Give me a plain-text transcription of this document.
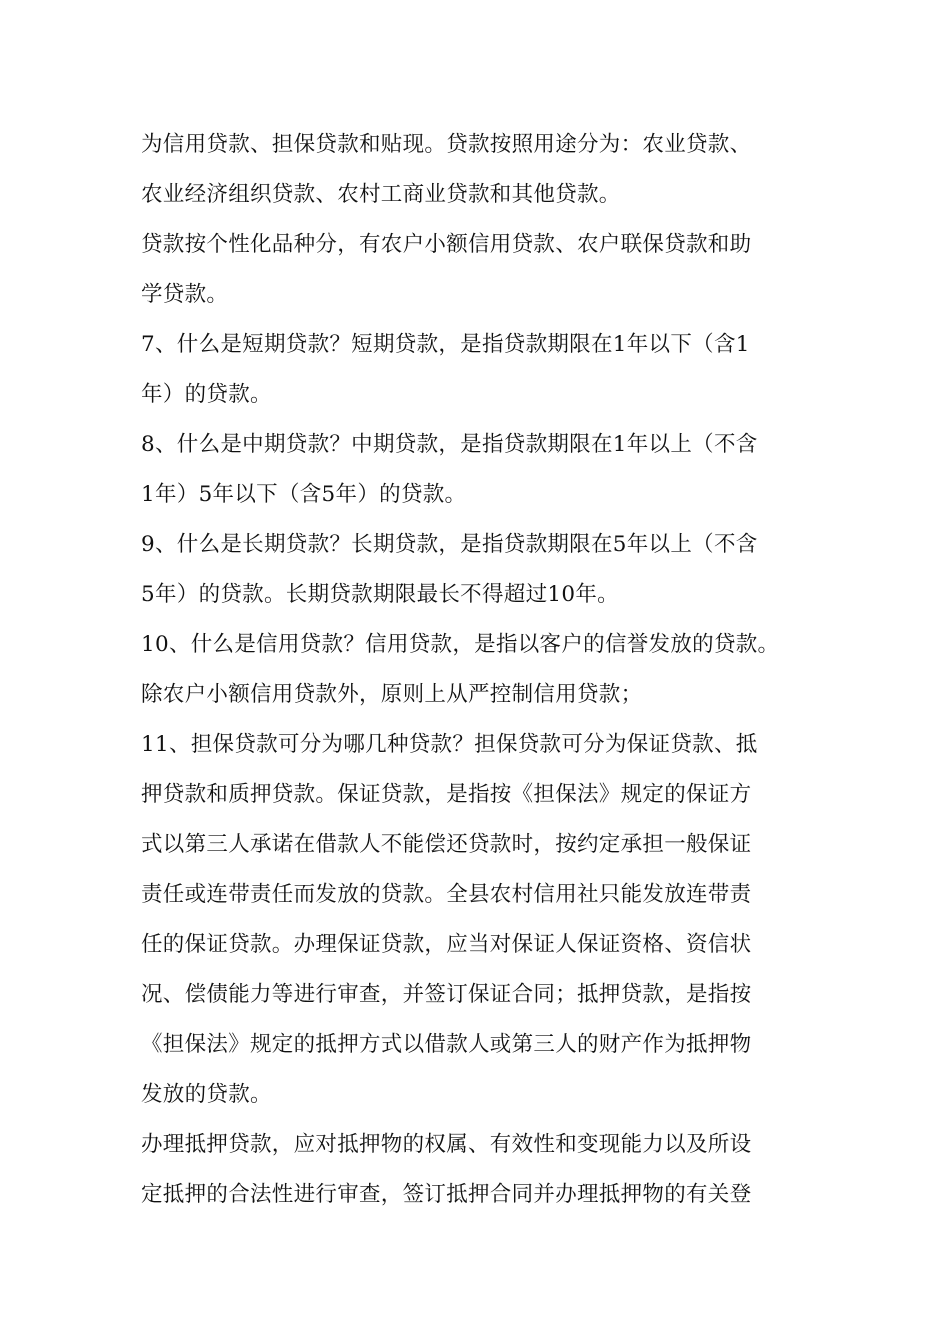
为信用贷款、担保贷款和贴现。贷款按照用途分为：农业贷款、
农业经济组织贷款、农村工商业贷款和其他贷款。
贷款按个性化品种分，有农户小额信用贷款、农户联保贷款和助
学贷款。
7、什么是短期贷款？短期贷款，是指贷款期限在1年以下（含1
年）的贷款。
8、什么是中期贷款？中期贷款，是指贷款期限在1年以上（不含
1年）5年以下（含5年）的贷款。
9、什么是长期贷款？长期贷款，是指贷款期限在5年以上（不含
5年）的贷款。长期贷款期限最长不得超过10年。
10、什么是信用贷款？信用贷款，是指以客户的信誉发放的贷款。
除农户小额信用贷款外，原则上从严控制信用贷款；
11、担保贷款可分为哪几种贷款？担保贷款可分为保证贷款、抵
押贷款和质押贷款。保证贷款，是指按《担保法》规定的保证方
式以第三人承诺在借款人不能偿还贷款时，按约定承担一般保证
责任或连带责任而发放的贷款。全县农村信用社只能发放连带责
任的保证贷款。办理保证贷款，应当对保证人保证资格、资信状
况、偿债能力等进行审查，并签订保证合同；抵押贷款，是指按
《担保法》规定的抵押方式以借款人或第三人的财产作为抵押物
发放的贷款。
办理抵押贷款，应对抵押物的权属、有效性和变现能力以及所设
定抵押的合法性进行审查，签订抵押合同并办理抵押物的有关登
